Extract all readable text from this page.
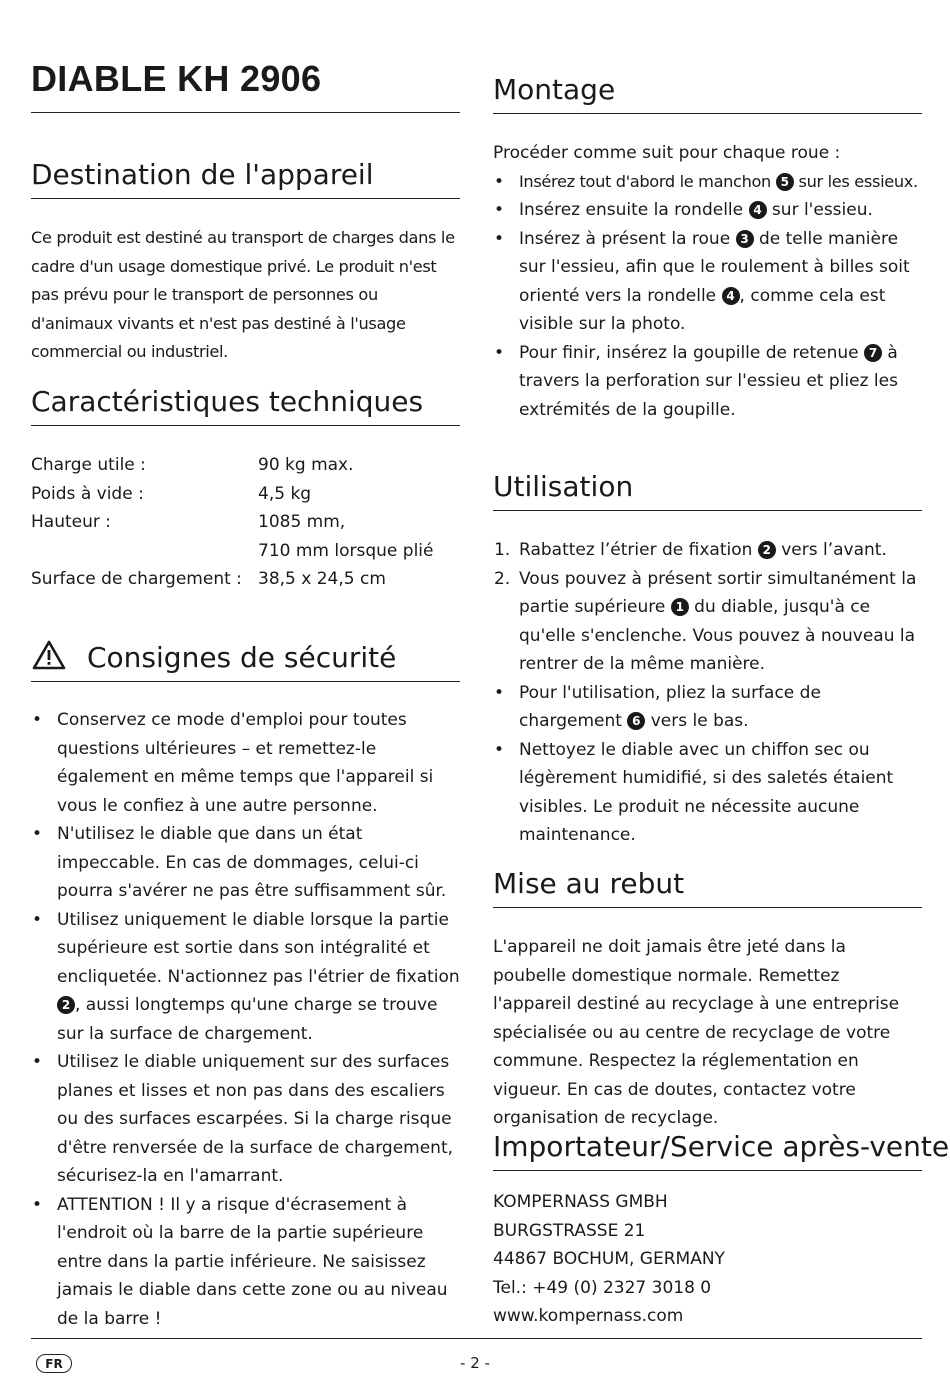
DIABLE KH 2906
Destination de l'appareil

Ce produit est destiné au transport de charges dans le cadre d'un usage domestique privé. Le produit n'est pas prévu pour le transport de personnes ou d'animaux vivants et n'est pas destiné à l'usage commercial ou industriel.

Caractéristiques techniques
Charge utile :	90 kg max.
Poids à vide :	4,5 kg
Hauteur :	1085 mm,
710 mm lorsque plié
Surface de chargement : 38,5 x 24,5 cm
Consignes de sécurité
• Conservez ce mode d'emploi pour toutes questions ultérieures – et remettez-le également en même temps que l'appareil si vous le confiez à une autre personne.
• N'utilisez le diable que dans un état impeccable. En cas de dommages, celui-ci pourra s'avérer ne pas être suffisamment sûr.
• Utilisez uniquement le diable lorsque la partie supérieure est sortie dans son intégralité et encliquetée. N'actionnez pas l'étrier de fixation 2 , aussi longtemps qu'une charge se trouve sur la surface de chargement.
• Utilisez le diable uniquement sur des surfaces planes et lisses et non pas dans des escaliers ou des surfaces escarpées. Si la charge risque d'être renversée de la surface de chargement, sécurisez-la en l'amarrant.
• ATTENTION ! Il y a risque d'écrasement à l'endroit où la barre de la partie supérieure entre dans la partie inférieure. Ne saisissez jamais le diable dans cette zone ou au niveau de la barre !
Montage

Procéder comme suit pour chaque roue :

• Insérez tout d'abord le manchon 5 sur les essieux.
• Insérez ensuite la rondelle 4 sur l'essieu.
• Insérez à présent la roue 3 de telle manière sur l'essieu, afin que le roulement à billes soit orienté vers la rondelle 4 , comme cela est visible sur la photo.
• Pour finir, insérez la goupille de retenue 7 à travers la perforation sur l'essieu et pliez les extrémités de la goupille.
Utilisation
1. Rabattez l’étrier de fixation 2 vers l’avant.
2. Vous pouvez à présent sortir simultanément la partie supérieure 1 du diable, jusqu'à ce qu'elle s'enclenche. Vous pouvez à nouveau la rentrer de la même manière.
• Pour l'utilisation, pliez la surface de chargement 6 vers le bas.
• Nettoyez le diable avec un chiffon sec ou légèrement humidifié, si des saletés étaient visibles. Le produit ne nécessite aucune maintenance.
Mise au rebut

L'appareil ne doit jamais être jeté dans la poubelle domestique normale. Remettez l'appareil destiné au recyclage à une entreprise spécialisée ou au centre de recyclage de votre commune. Respectez la réglementation en vigueur. En cas de doutes, contactez votre organisation de recyclage.

Importateur/Service après-vente
KOMPERNASS GMBH
BURGSTRASSE 21
44867 BOCHUM, GERMANY
Tel.: +49 (0) 2327 3018 0
www.kompernass.com
FR	- 2 -
